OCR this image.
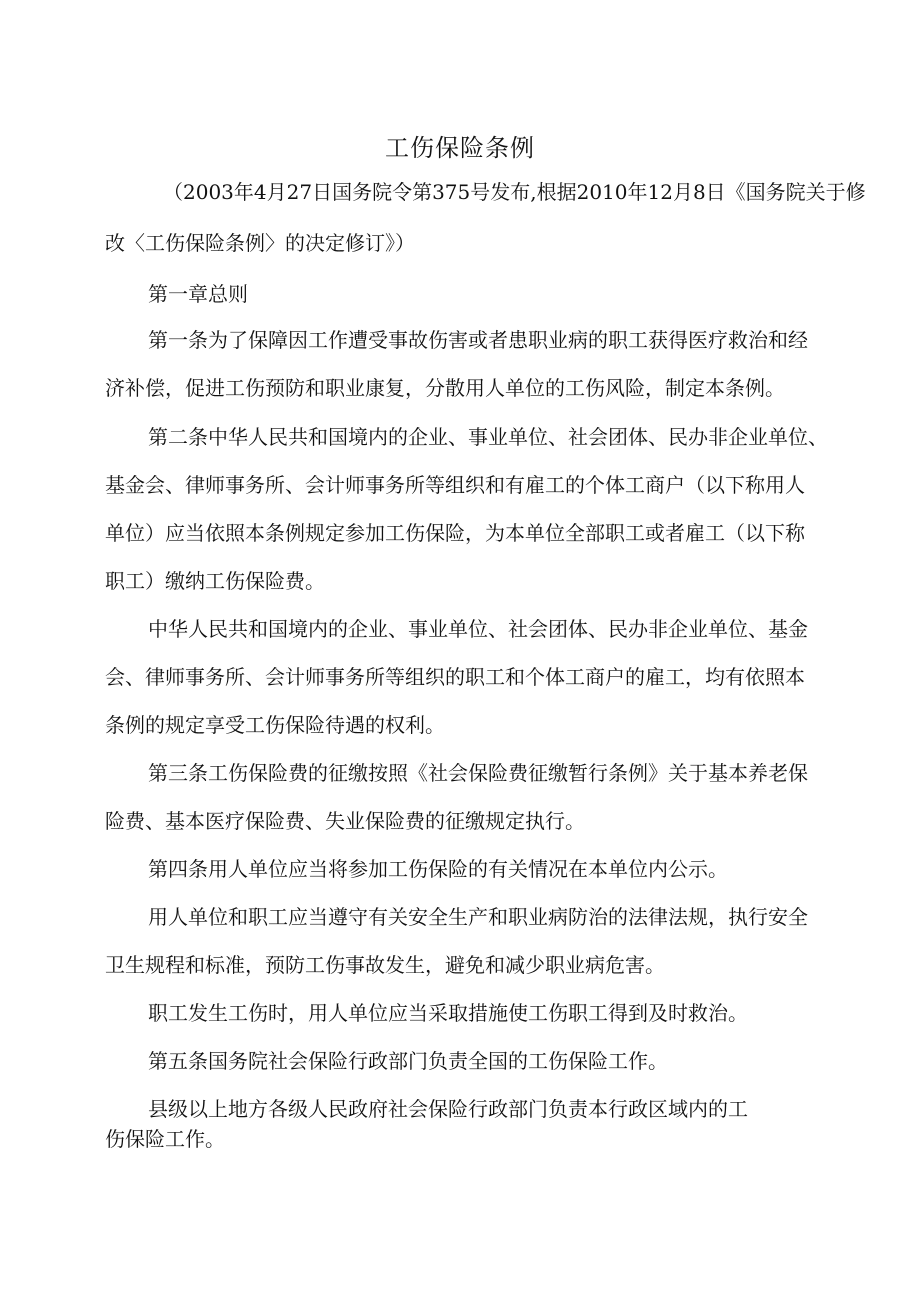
工伤保险条例

（2003年4月27日国务院令第375号发布,根据2010年12月8日《国务院关于修

改〈工伤保险条例〉的决定修订》）

第一章总则

第一条为了保障因工作遭受事故伤害或者患职业病的职工获得医疗救治和经

济补偿，促进工伤预防和职业康复，分散用人单位的工伤风险，制定本条例。

第二条中华人民共和国境内的企业、事业单位、社会团体、民办非企业单位、

基金会、律师事务所、会计师事务所等组织和有雇工的个体工商户（以下称用人

单位）应当依照本条例规定参加工伤保险，为本单位全部职工或者雇工（以下称

职工）缴纳工伤保险费。

中华人民共和国境内的企业、事业单位、社会团体、民办非企业单位、基金

会、律师事务所、会计师事务所等组织的职工和个体工商户的雇工，均有依照本

条例的规定享受工伤保险待遇的权利。

第三条工伤保险费的征缴按照《社会保险费征缴暂行条例》关于基本养老保

险费、基本医疗保险费、失业保险费的征缴规定执行。

第四条用人单位应当将参加工伤保险的有关情况在本单位内公示。

用人单位和职工应当遵守有关安全生产和职业病防治的法律法规，执行安全

卫生规程和标准，预防工伤事故发生，避免和减少职业病危害。

职工发生工伤时，用人单位应当采取措施使工伤职工得到及时救治。

第五条国务院社会保险行政部门负责全国的工伤保险工作。

县级以上地方各级人民政府社会保险行政部门负责本行政区域内的工

伤保险工作。
